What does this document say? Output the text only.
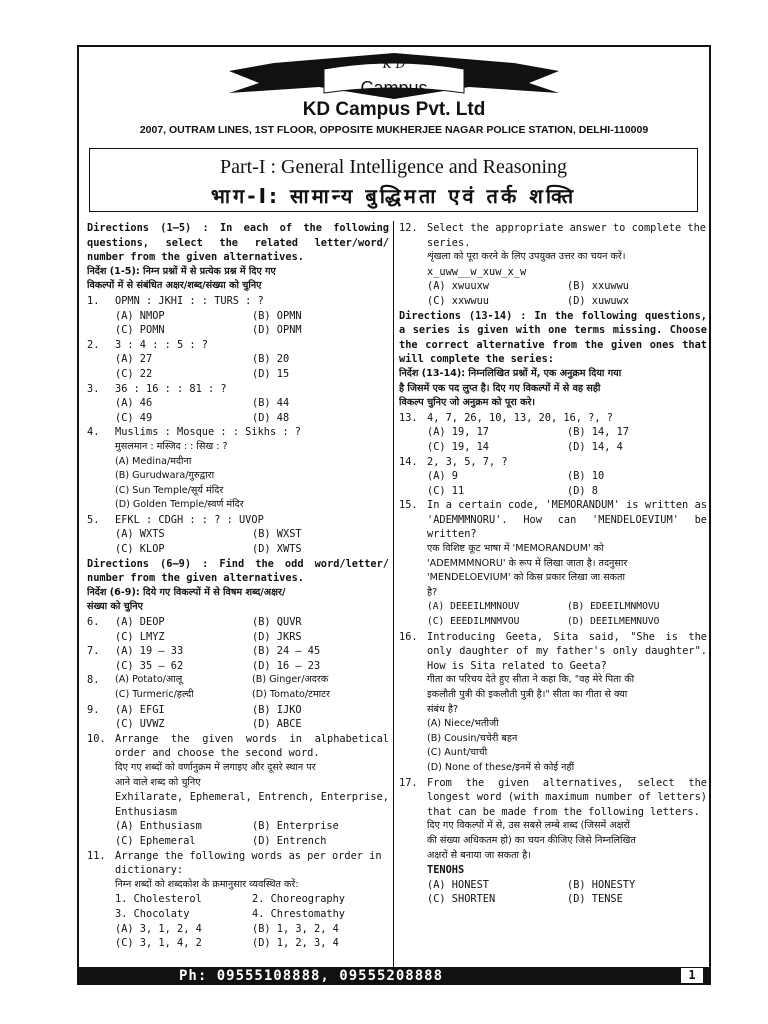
K D
Campus
KD Campus Pvt. Ltd
2007, OUTRAM LINES, 1ST FLOOR, OPPOSITE MUKHERJEE NAGAR POLICE STATION, DELHI-110009
Part-I : General Intelligence and Reasoning
भाग-I: सामान्य बुद्धिमता एवं तर्क शक्ति
Directions (1–5) : In each of the following questions, select the related letter/word/ number from the given alternatives.
निर्देश (1-5): निम्न प्रश्नों में से प्रत्येक प्रश्न में दिए गए
विकल्पों में से संबंधित अक्षर/शब्द/संख्या को चुनिए
1.	OPMN : JKHI : : TURS : ?
(A) NMOP	(B) OPMN
(C) POMN	(D) OPNM
2.	3 : 4 : : 5 : ?
(A) 27	(B) 20
(C) 22	(D) 15
3.	36 : 16 : : 81 : ?
(A) 46	(B) 44
(C) 49	(D) 48
4.	Muslims : Mosque : : Sikhs : ?
मुसलमान : मस्जिद : : सिख : ?
(A) Medina/मदीना
(B) Gurudwara/गुरुद्वारा
(C) Sun Temple/सूर्य मंदिर
(D) Golden Temple/स्वर्ण मंदिर
5.	EFKL : CDGH : : ? : UVOP
(A) WXTS	(B) WXST
(C) KLOP	(D) XWTS
Directions (6–9) : Find the odd word/letter/ number from the given alternatives.
निर्देश (6-9): दिये गए विकल्पों में से विषम शब्द/अक्षर/
संख्या को चुनिए
6.	(A) DEOP	(B) QUVR
(C) LMYZ	(D) JKRS
7.	(A) 19 – 33	(B) 24 – 45
(C) 35 – 62	(D) 16 – 23
8.	(A) Potato/आलू	(B) Ginger/अदरक
(C) Turmeric/हल्दी	(D) Tomato/टमाटर
9.	(A) EFGI	(B) IJKO
(C) UVWZ	(D) ABCE
10. Arrange the given words in alphabetical order and choose the second word.
दिए गए शब्दों को वर्णानुक्रम में लगाइए और दूसरे स्थान पर
आने वाले शब्द को चुनिए
Exhilarate, Ephemeral, Entrench, Enterprise, Enthusiasm
(A) Enthusiasm	(B) Enterprise
(C) Ephemeral	(D) Entrench
11. Arrange the following words as per order in dictionary:
निम्न शब्दों को शब्दकोश के क्रमानुसार व्यवस्थित करें:
1. Cholesterol	2. Choreography
3. Chocolaty	4. Chrestomathy
(A) 3, 1, 2, 4	(B) 1, 3, 2, 4
(C) 3, 1, 4, 2	(D) 1, 2, 3, 4
12. Select the appropriate answer to complete the series.
शृंखला को पूरा करने के लिए उपयुक्त उत्तर का चयन करें।
x_uww__w_xuw_x_w
(A) xwuuxw	(B) xxuwwu
(C) xxwwuu	(D) xuwuwx
Directions (13-14) : In the following questions, a series is given with one terms missing. Choose the correct alternative from the given ones that will complete the series:
निर्देश (13-14): निम्नलिखित प्रश्नों में, एक अनुक्रम दिया गया
है जिसमें एक पद लुप्त है। दिए गए विकल्पों में से वह सही
विकल्प चुनिए जो अनुक्रम को पूरा करे।
13. 4, 7, 26, 10, 13, 20, 16, ?, ?
(A) 19, 17	(B) 14, 17
(C) 19, 14	(D) 14, 4
14. 2, 3, 5, 7, ?
(A) 9	(B) 10
(C) 11	(D) 8
15. In a certain code, 'MEMORANDUM' is written as 'ADEMMMNORU'. How can 'MENDELOEVIUM' be written?
एक विशिष्ट कूट भाषा में 'MEMORANDUM' को
'ADEMMMNORU' के रूप में लिखा जाता है। तदनुसार
'MENDELOEVIUM' को किस प्रकार लिखा जा सकता
है?
(A) DEEEILMMNOUV	(B) EDEEILMNMOVU
(C) EEEDILMNMVOU	(D) DEEILMEMNUVO
16. Introducing Geeta, Sita said, "She is the only daughter of my father's only daughter". How is Sita related to Geeta?
गीता का परिचय देते हुए सीता ने कहा कि, "वह मेरे पिता की
इकलौती पुत्री की इकलौती पुत्री है।" सीता का गीता से क्या
संबंध है?
(A) Niece/भतीजी
(B) Cousin/चचेरी बहन
(C) Aunt/चाची
(D) None of these/इनमें से कोई नहीं
17. From the given alternatives, select the longest word (with maximum number of letters) that can be made from the following letters.
दिए गए विकल्पों में से, उस सबसे लम्बे शब्द (जिसमें अक्षरों
की संख्या अधिकतम हो) का चयन कीजिए जिसे निम्नलिखित
अक्षरों से बनाया जा सकता है।
TENOHS
(A) HONEST	(B) HONESTY
(C) SHORTEN	(D) TENSE
Ph: 09555108888, 09555208888	1
